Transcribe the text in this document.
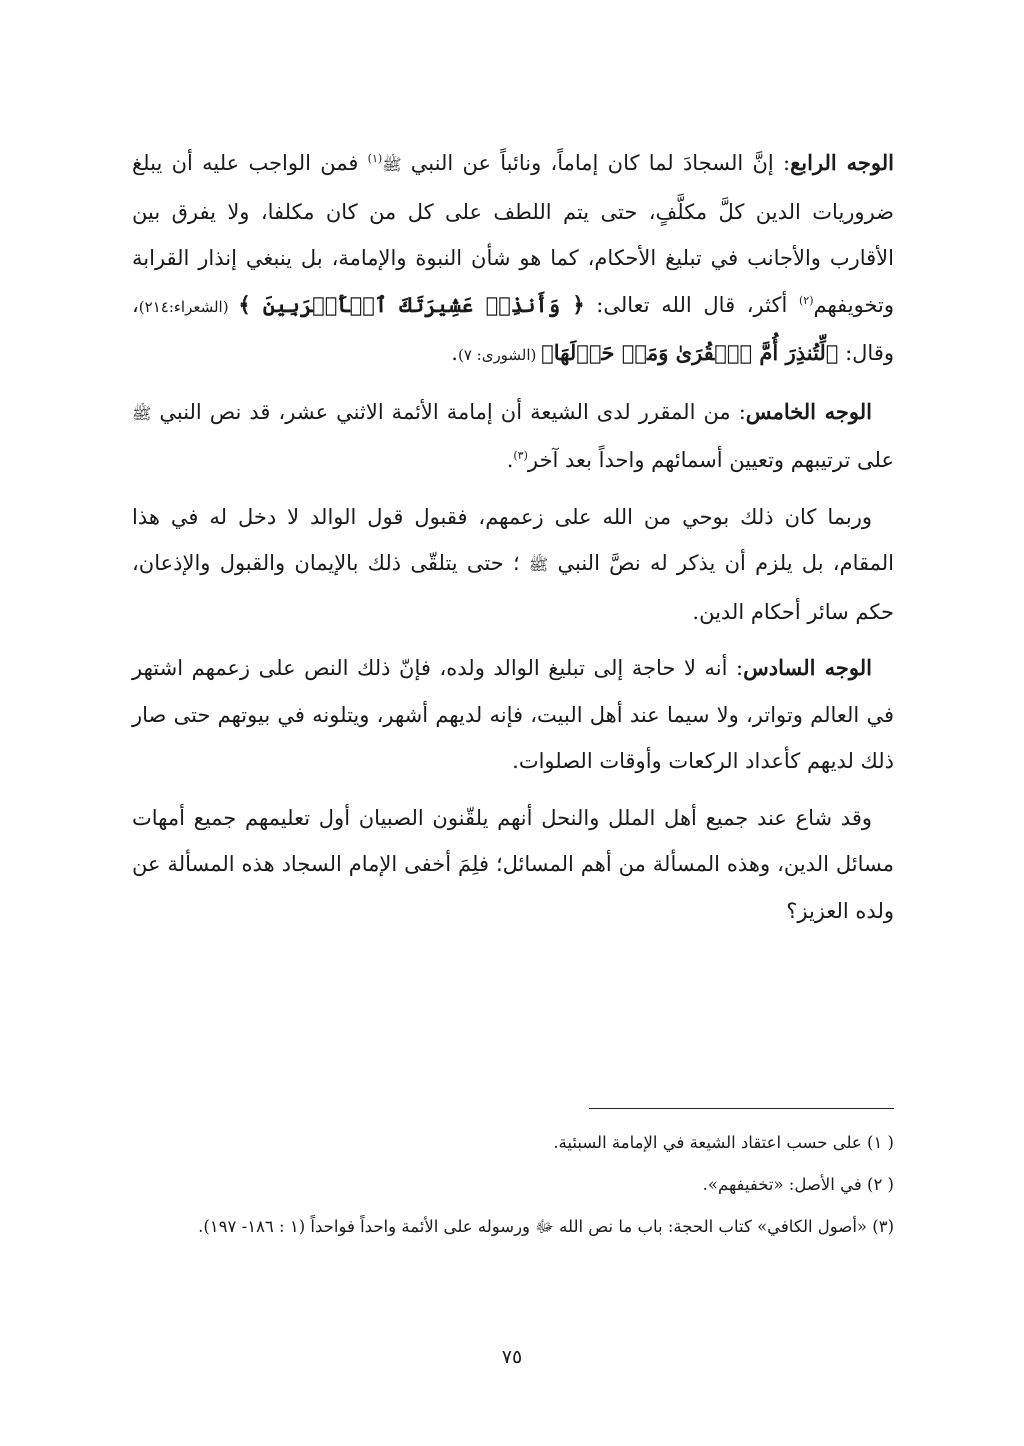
الوجه الرابع: إنَّ السجادَ لما كان إماماً، ونائباً عن النبي ﷺ$^{(١)}$ فمن الواجب عليه أن يبلغ ضروريات الدين كلَّ مكلَّفٍ، حتى يتم اللطف على كل من كان مكلفا، ولا يفرق بين الأقارب والأجانب في تبليغ الأحكام، كما هو شأن النبوة والإمامة، بل ينبغي إنذار القرابة وتخويفهم$^{(٢)}$ أكثر، قال الله تعالى: ﴿ وَأَنذِرۡ عَشِيرَتَكَ ٱلۡأَقۡرَبِينَ ﴾ (الشعراء:٢١٤)، وقال: ﴿لِّتُنذِرَ أُمَّ ٱلۡقُرَىٰ وَمَنۡ حَوۡلَهَا﴾ (الشورى: ٧).

الوجه الخامس: من المقرر لدى الشيعة أن إمامة الأئمة الاثني عشر، قد نص النبي ﷺ على ترتيبهم وتعيين أسمائهم واحداً بعد آخر$^{(٣)}$.

وربما كان ذلك بوحي من الله على زعمهم، فقبول قول الوالد لا دخل له في هذا المقام، بل يلزم أن يذكر له نصَّ النبي ﷺ ؛ حتى يتلقّى ذلك بالإيمان والقبول والإذعان، حكم سائر أحكام الدين.

الوجه السادس: أنه لا حاجة إلى تبليغ الوالد ولده، فإنّ ذلك النص على زعمهم اشتهر في العالم وتواتر، ولا سيما عند أهل البيت، فإنه لديهم أشهر، ويتلونه في بيوتهم حتى صار ذلك لديهم كأعداد الركعات وأوقات الصلوات.

وقد شاع عند جميع أهل الملل والنحل أنهم يلقّنون الصبيان أول تعليمهم جميع أمهات مسائل الدين، وهذه المسألة من أهم المسائل؛ فلِمَ أخفى الإمام السجاد هذه المسألة عن ولده العزيز؟

( ١) على حسب اعتقاد الشيعة في الإمامة السبئية.

( ٢) في الأصل: «تخفيفهم».

(٣) «أصول الكافي» كتاب الحجة: باب ما نص الله ﷻ ورسوله على الأئمة واحداً فواحداً (١ : ١٨٦- ١٩٧).

٧٥
